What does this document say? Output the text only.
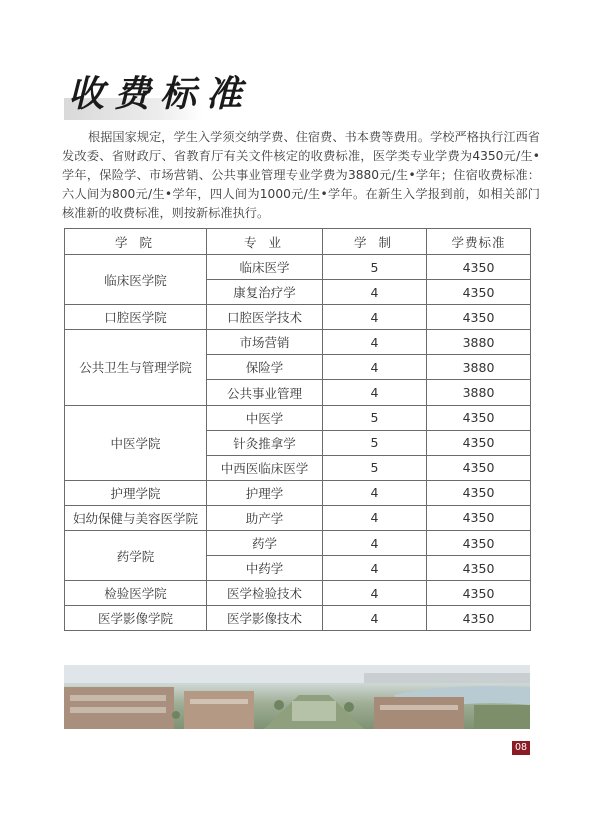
收费标准

根据国家规定，学生入学须交纳学费、住宿费、书本费等费用。学校严格执行江西省发改委、省财政厅、省教育厅有关文件核定的收费标准，医学类专业学费为4350元/生•学年，保险学、市场营销、公共事业管理专业学费为3880元/生•学年；住宿收费标准：六人间为800元/生•学年，四人间为1000元/生•学年。在新生入学报到前，如相关部门核准新的收费标准，则按新标准执行。

学 院	专 业	学 制	学费标准
临床医学院	临床医学	5	4350
	康复治疗学	4	4350
口腔医学院	口腔医学技术	4	4350
公共卫生与管理学院	市场营销	4	3880
	保险学	4	3880
	公共事业管理	4	3880
中医学院	中医学	5	4350
	针灸推拿学	5	4350
	中西医临床医学	5	4350
护理学院	护理学	4	4350
妇幼保健与美容医学院	助产学	4	4350
药学院	药学	4	4350
	中药学	4	4350
检验医学院	医学检验技术	4	4350
医学影像学院	医学影像技术	4	4350
08
